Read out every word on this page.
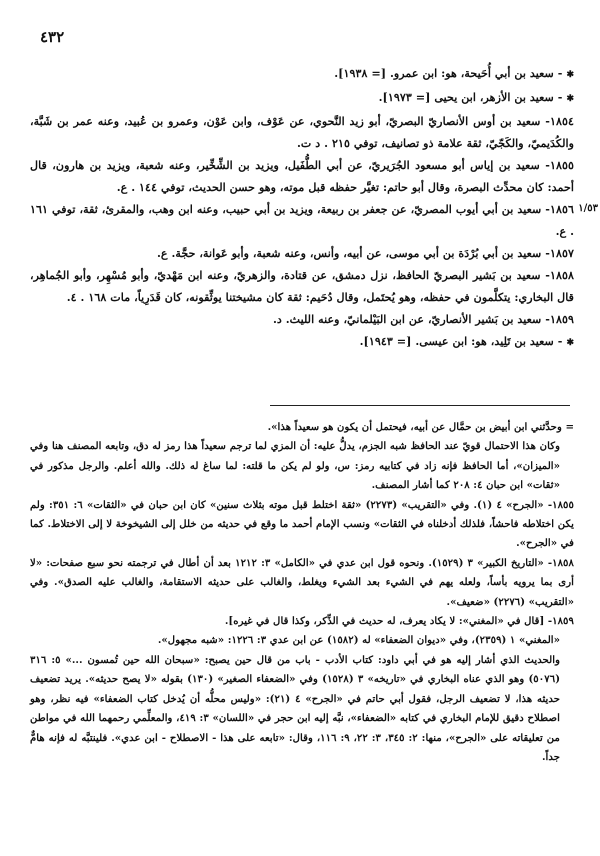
٤٣٢

✱ - سعيد بن أبي أُحَيحة، هو: ابن عمرو. [= ١٩٣٨].

✱ - سعيد بن الأزهر، ابن يحيى [= ١٩٧٣].

١٨٥٤- سعيد بن أوس الأنصاريّ البصريّ، أبو زيد النَّحوي، عن عَوْف، وابن عَوْن، وعمرو بن عُبيد، وعنه عمر بن شَبَّة، والكُدَيميّ، والكَجّيّ، ثقة علامة ذو تصانيف، توفي ٢١٥ . د ت.

١٨٥٥- سعيد بن إياس أبو مسعود الجُرَيريّ، عن أبي الطُّفَيل، ويزيد بن الشِّخِّير، وعنه شعبة، ويزيد بن هارون، قال أحمد: كان محدِّث البصرة، وقال أبو حاتم: تغيَّر حفظه قبل موته، وهو حسن الحديث، توفي ١٤٤ . ع.

١/٥٣

١٨٥٦- سعيد بن أبي أيوب المصريّ، عن جعفر بن ربيعة، ويزيد بن أبي حبيب، وعنه ابن وهب، والمقرئ، ثقة، توفي ١٦١ . ع.

١٨٥٧- سعيد بن أبي بُرْدَة بن أبي موسى، عن أبيه، وأنس، وعنه شعبة، وأبو عَوانة، حجَّة. ع.

١٨٥٨- سعيد بن بَشير البصريّ الحافظ، نزل دمشق، عن قتادة، والزهريّ، وعنه ابن مَهْديّ، وأبو مُسْهِر، وأبو الجُماهِر، قال البخاري: يتكلَّمون في حفظه، وهو يُحتَمل، وقال دُحَيم: ثقة كان مشيختنا يوثِّقونه، كان قَدَرِياً، مات ١٦٨ . ٤.

١٨٥٩- سعيد بن بَشير الأنصاريّ، عن ابن البَيْلمانيّ، وعنه الليث. د.

✱ - سعيد بن تَلِيد، هو: ابن عيسى. [= ١٩٤٣].

= وحدَّثني ابن أبيض بن حمَّال عن أبيه، فيحتمل أن يكون هو سعيداً هذا».

وكان هذا الاحتمال قويّ عند الحافظ شبه الجزم، يدلُّ عليه: أن المزي لما ترجم سعيداً هذا رمز له دق، وتابعه المصنف هنا وفي «الميزان»، أما الحافظ فإنه زاد في كتابيه رمز: س، ولو لم يكن ما قلته: لما ساغ له ذلك. والله أعلم. والرجل مذكور في «ثقات» ابن حبان ٤: ٢٠٨ كما أشار المصنف.

١٨٥٥- «الجرح» ٤ (١). وفي «التقريب» (٢٢٧٣) «ثقة اختلط قبل موته بثلاث سنين» كان ابن حبان في «الثقات» ٦: ٣٥١: ولم يكن اختلاطه فاحشاً، فلذلك أدخلناه في الثقات» ونسب الإمام أحمد ما وقع في حديثه من خلل إلى الشيخوخة لا إلى الاختلاط. كما في «الجرح».

١٨٥٨- «التاريخ الكبير» ٣ (١٥٢٩). ونحوه قول ابن عدي في «الكامل» ٣: ١٢١٢ بعد أن أطال في ترجمته نحو سبع صفحات: «لا أرى بما يرويه بأساً، ولعله يهم في الشيء بعد الشيء ويغلط، والغالب على حديثه الاستقامة، والغالب عليه الصدق». وفي «التقريب» (٢٢٧٦) «ضعيف».

١٨٥٩- [قال في «المغني»: لا يكاد يعرف، له حديث في الذِّكر، وكذا قال في غيره].

«المغني» ١ (٢٣٥٩)، وفي «ديوان الضعفاء» له (١٥٨٢) عن ابن عدي ٣: ١٢٢٦: «شبه مجهول».

والحديث الذي أشار إليه هو في أبي داود: كتاب الأدب - باب من قال حين يصبح: «سبحان الله حين تُمسون ...» ٥: ٣١٦ (٥٠٧٦) وهو الذي عناه البخاري في «تاريخه» ٣ (١٥٢٨) وفي «الضعفاء الصغير» (١٣٠) بقوله «لا يصح حديثه». يريد تضعيف حديثه هذا، لا تضعيف الرجل، فقول أبي حاتم في «الجرح» ٤ (٢١): «وليس محلُّه أن يُدخل كتاب الضعفاء» فيه نظر، وهو اصطلاح دقيق للإمام البخاري في كتابه «الضعفاء»، نبَّه إليه ابن حجر في «اللسان» ٣: ٤١٩، والمعلِّمي رحمهما الله في مواطن من تعليقاته على «الجرح»، منها: ٢: ٣٤٥، ٣: ٢٢، ٩: ١١٦، وقال: «تابعه على هذا - الاصطلاح - ابن عدي». فلينتبَّه له فإنه هامٌّ جداً.
